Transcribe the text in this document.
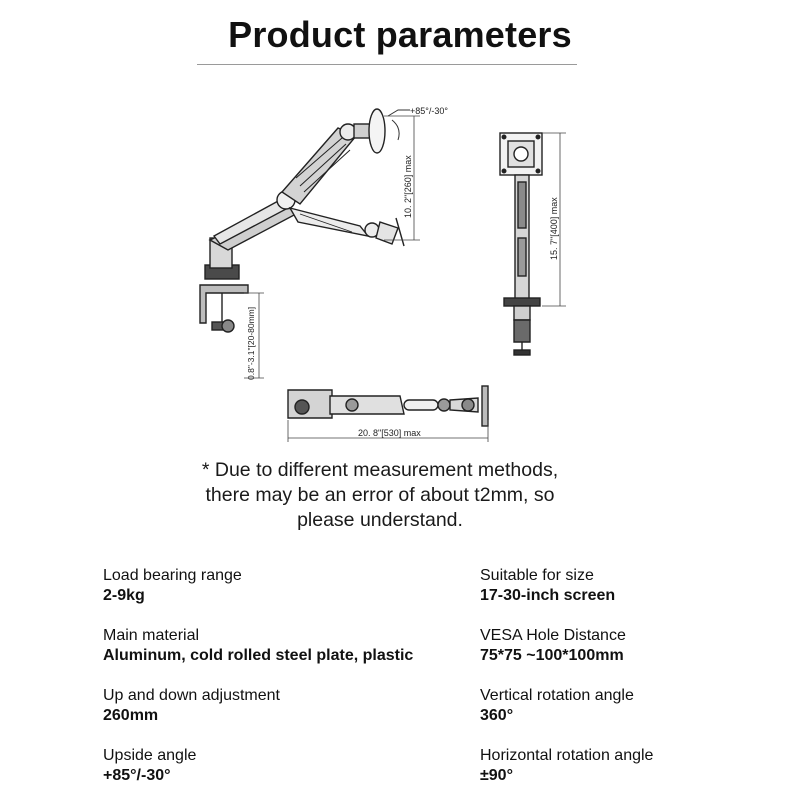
Product parameters
+85°/-30°
10. 2"[260] max
0.8"-3.1"[20-80mm]
15. 7"[400] max
20. 8"[530] max
* Due to different measurement methods,
there may be an error of about t2mm, so
please understand.
Load bearing range
2-9kg
Suitable for size
17-30-inch screen
Main material
Aluminum, cold rolled steel plate, plastic
VESA Hole Distance
75*75 ~100*100mm
Up and down adjustment
260mm
Vertical rotation angle
360°
Upside angle
+85°/-30°
Horizontal rotation angle
±90°
